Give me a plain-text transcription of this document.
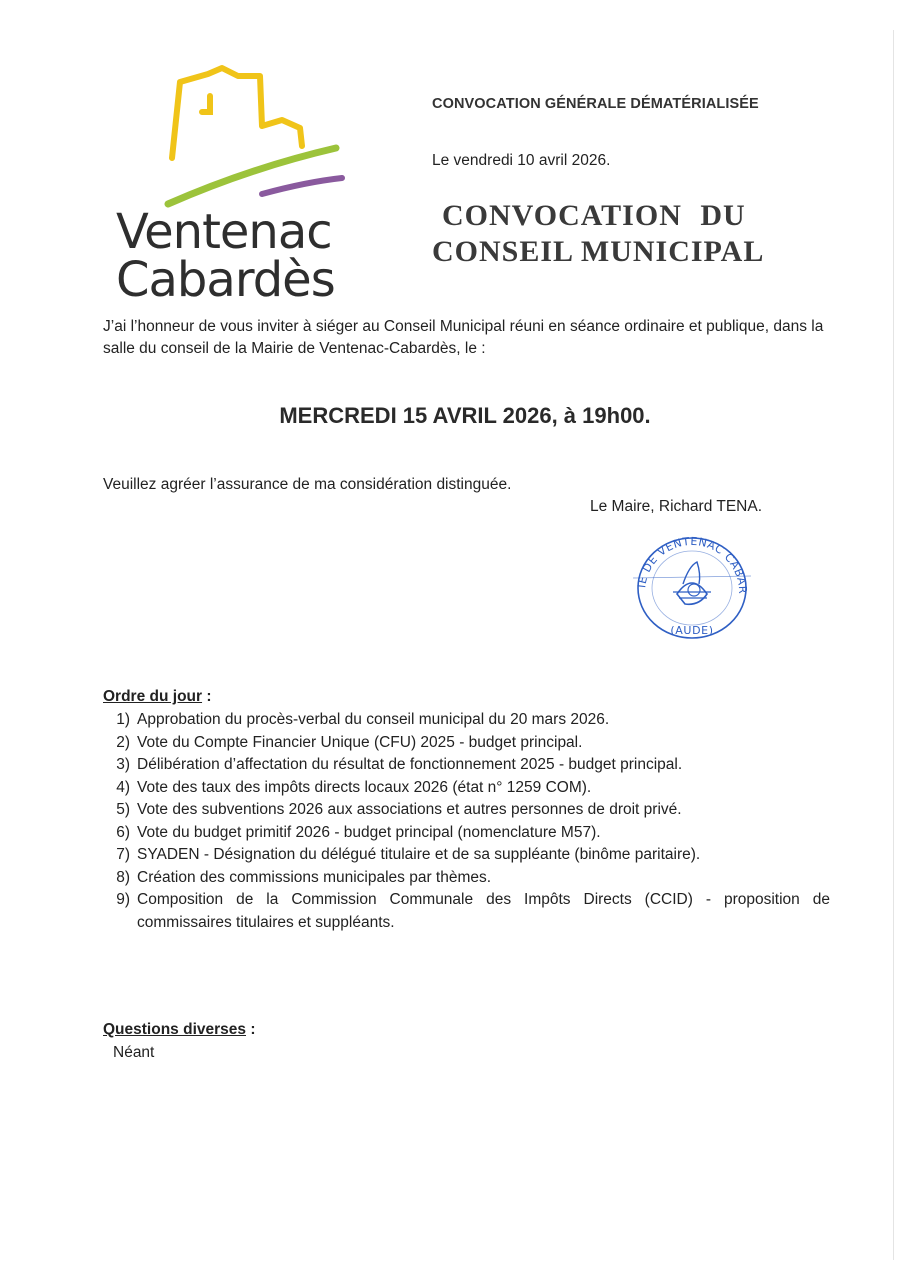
Ventenac
Cabardès
CONVOCATION GÉNÉRALE DÉMATÉRIALISÉE
Le vendredi 10 avril 2026.
CONVOCATION DU
CONSEIL MUNICIPAL
J’ai l’honneur de vous inviter à siéger au Conseil Municipal réuni en séance ordinaire et publique, dans la salle du conseil de la Mairie de Ventenac-Cabardès, le :
MERCREDI 15 AVRIL 2026, à 19h00.
Veuillez agréer l’assurance de ma considération distinguée.
Le Maire, Richard TENA.
IE DE VENTENAC CABAR
(AUDE)
Ordre du jour :
1) Approbation du procès-verbal du conseil municipal du 20 mars 2026.
2) Vote du Compte Financier Unique (CFU) 2025 - budget principal.
3) Délibération d’affectation du résultat de fonctionnement 2025 - budget principal.
4) Vote des taux des impôts directs locaux 2026 (état n° 1259 COM).
5) Vote des subventions 2026 aux associations et autres personnes de droit privé.
6) Vote du budget primitif 2026 - budget principal (nomenclature M57).
7) SYADEN - Désignation du délégué titulaire et de sa suppléante (binôme paritaire).
8) Création des commissions municipales par thèmes.
9) Composition de la Commission Communale des Impôts Directs (CCID) - proposition de commissaires titulaires et suppléants.
Questions diverses :
Néant
